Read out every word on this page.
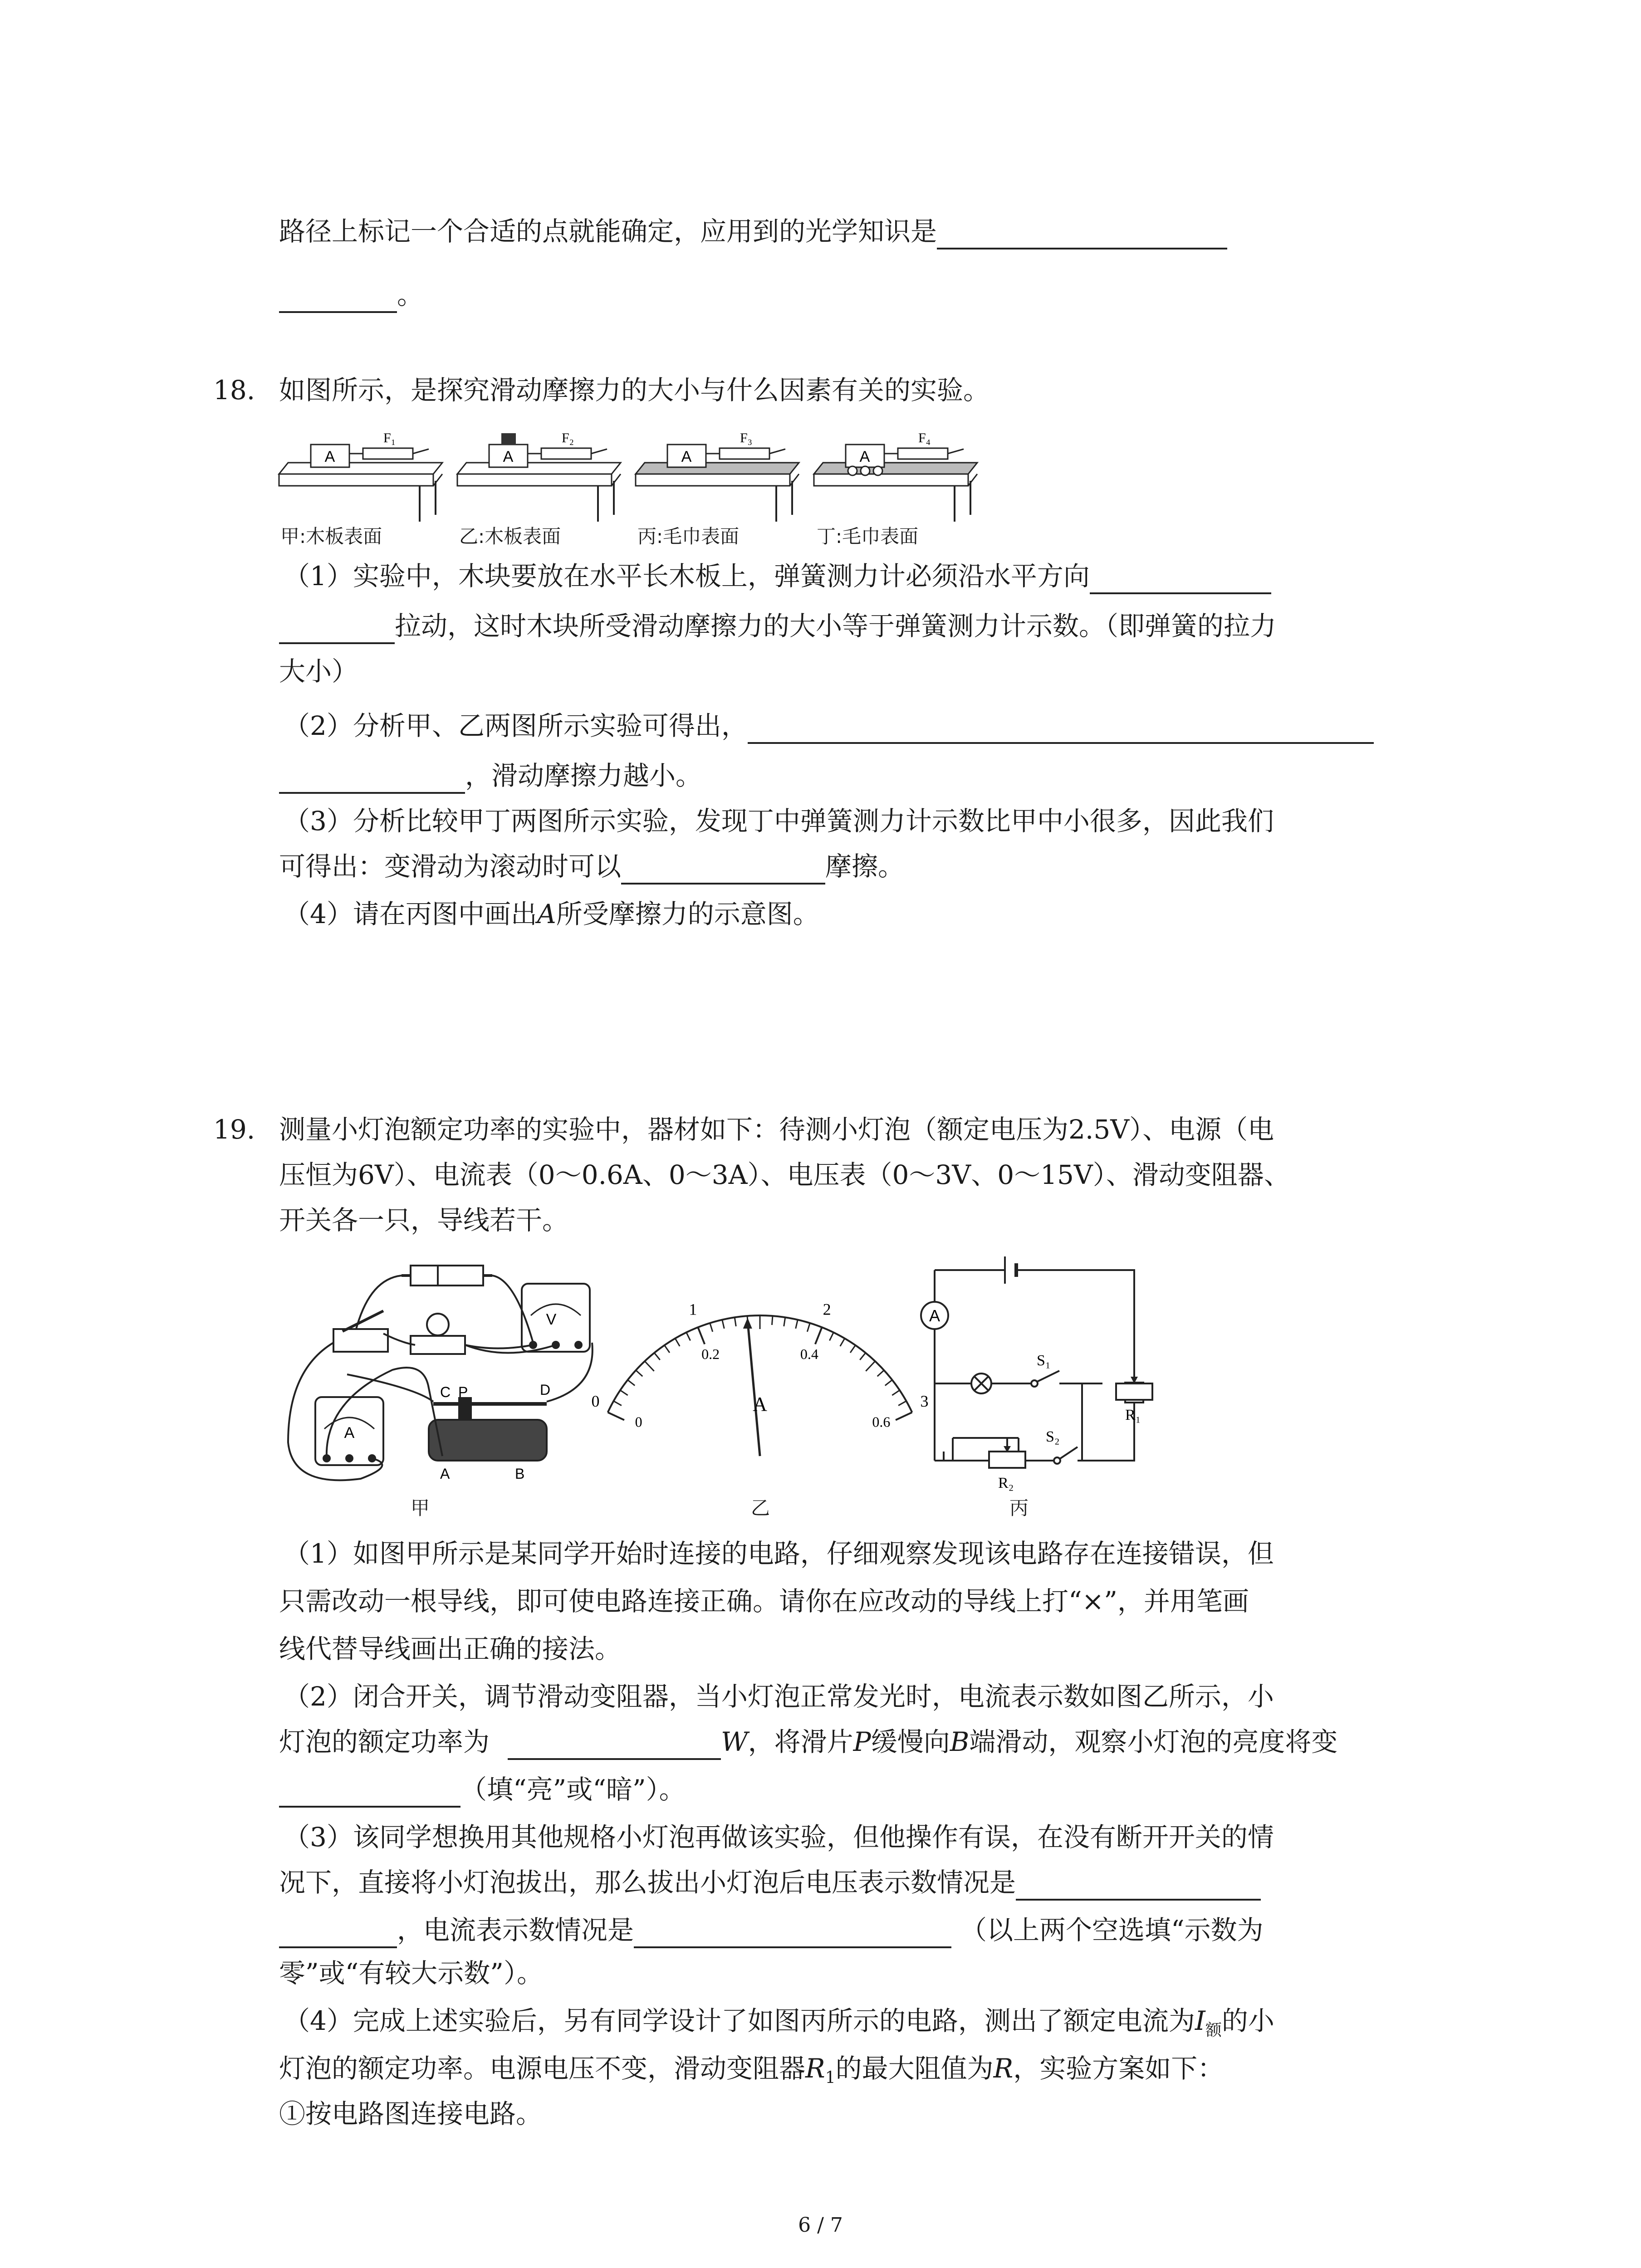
路径上标记一个合适的点就能确定，应用到的光学知识是
。
18. 如图所示，是探究滑动摩擦力的大小与什么因素有关的实验。
A
F₁
A
F₂
A
F₃
A
F₄
甲:木板表面	乙:木板表面	丙:毛巾表面	丁:毛巾表面
（1）实验中，木块要放在水平长木板上，弹簧测力计必须沿水平方向
拉动，这时木块所受滑动摩擦力的大小等于弹簧测力计示数。（即弹簧的拉力
大小）
（2）分析甲、乙两图所示实验可得出，
，滑动摩擦力越小。
（3）分析比较甲丁两图所示实验，发现丁中弹簧测力计示数比甲中小很多，因此我们
可得出：变滑动为滚动时可以	摩擦。
（4）请在丙图中画出A所受摩擦力的示意图。
19. 测量小灯泡额定功率的实验中，器材如下：待测小灯泡（额定电压为2.5V）、电源（电
压恒为6V）、电流表（0～0.6A、0～3A）、电压表（0～3V、0～15V）、滑动变阻器、
开关各一只，导线若干。
V
A
C P	D
A	B
甲
0
1	2
3
0
0.2	0.4
0.6
A
乙
A
S₁
R₁
R₂
S₂
丙
（1）如图甲所示是某同学开始时连接的电路，仔细观察发现该电路存在连接错误，但
只需改动一根导线，即可使电路连接正确。请你在应改动的导线上打“×”，并用笔画
线代替导线画出正确的接法。
（2）闭合开关，调节滑动变阻器，当小灯泡正常发光时，电流表示数如图乙所示，小
灯泡的额定功率为	W，将滑片P缓慢向B端滑动，观察小灯泡的亮度将变
（填“亮”或“暗”）。
（3）该同学想换用其他规格小灯泡再做该实验，但他操作有误，在没有断开开关的情
况下，直接将小灯泡拔出，那么拔出小灯泡后电压表示数情况是
，电流表示数情况是	（以上两个空选填“示数为
零”或“有较大示数”）。
（4）完成上述实验后，另有同学设计了如图丙所示的电路，测出了额定电流为$I_额$的小
灯泡的额定功率。电源电压不变，滑动变阻器$R_1$的最大阻值为R，实验方案如下：
①按电路图连接电路。
6 / 7
